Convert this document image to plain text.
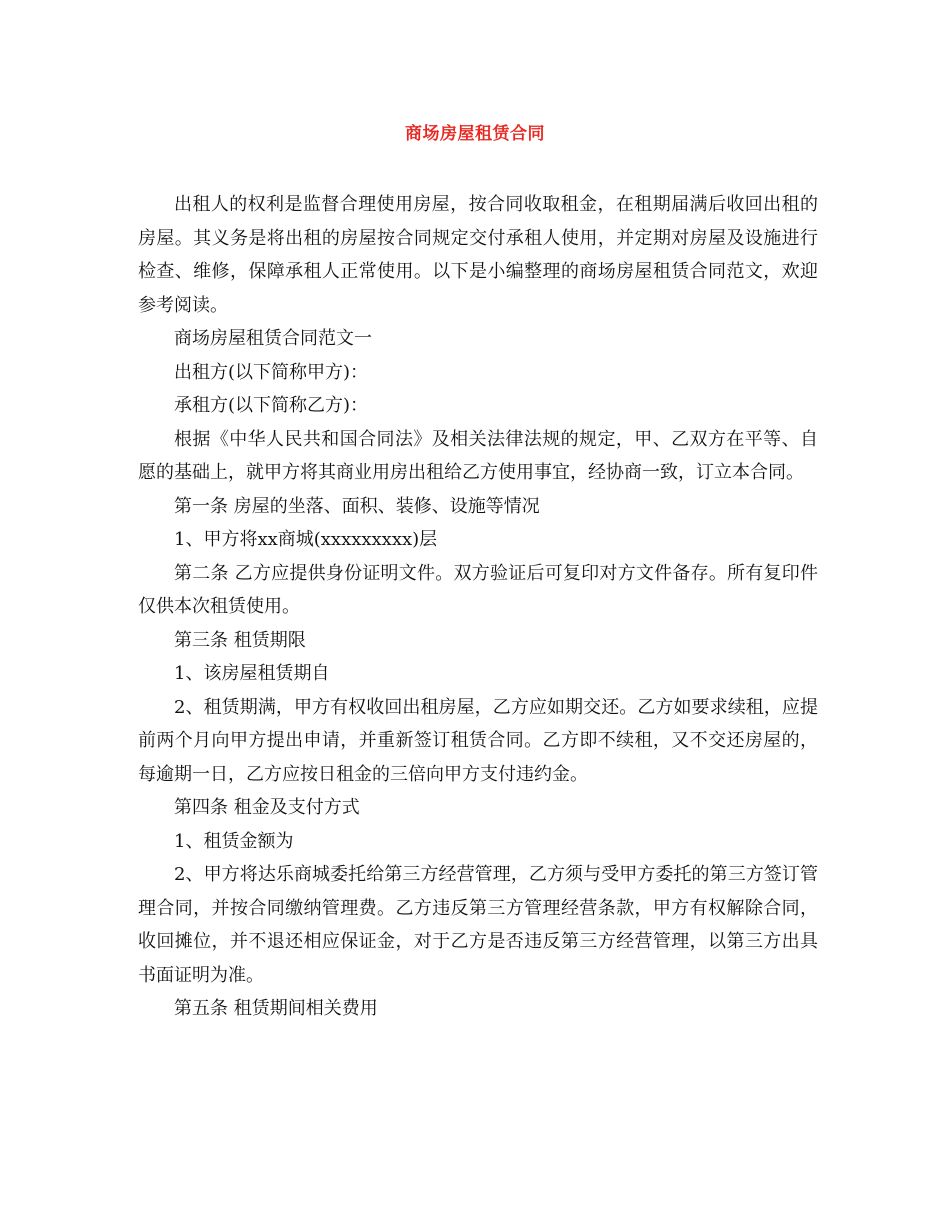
商场房屋租赁合同

出租人的权利是监督合理使用房屋，按合同收取租金，在租期届满后收回出租的房屋。其义务是将出租的房屋按合同规定交付承租人使用，并定期对房屋及设施进行检查、维修，保障承租人正常使用。以下是小编整理的商场房屋租赁合同范文，欢迎参考阅读。

商场房屋租赁合同范文一

出租方(以下简称甲方)：

承租方(以下简称乙方)：

根据《中华人民共和国合同法》及相关法律法规的规定，甲、乙双方在平等、自愿的基础上，就甲方将其商业用房出租给乙方使用事宜，经协商一致，订立本合同。

第一条 房屋的坐落、面积、装修、设施等情况

1、甲方将xx商城(xxxxxxxxx)层

第二条 乙方应提供身份证明文件。双方验证后可复印对方文件备存。所有复印件仅供本次租赁使用。

第三条 租赁期限

1、该房屋租赁期自

2、租赁期满，甲方有权收回出租房屋，乙方应如期交还。乙方如要求续租，应提前两个月向甲方提出申请，并重新签订租赁合同。乙方即不续租，又不交还房屋的，每逾期一日，乙方应按日租金的三倍向甲方支付违约金。

第四条 租金及支付方式

1、租赁金额为

2、甲方将达乐商城委托给第三方经营管理，乙方须与受甲方委托的第三方签订管理合同，并按合同缴纳管理费。乙方违反第三方管理经营条款，甲方有权解除合同，收回摊位，并不退还相应保证金，对于乙方是否违反第三方经营管理，以第三方出具书面证明为准。

第五条 租赁期间相关费用
